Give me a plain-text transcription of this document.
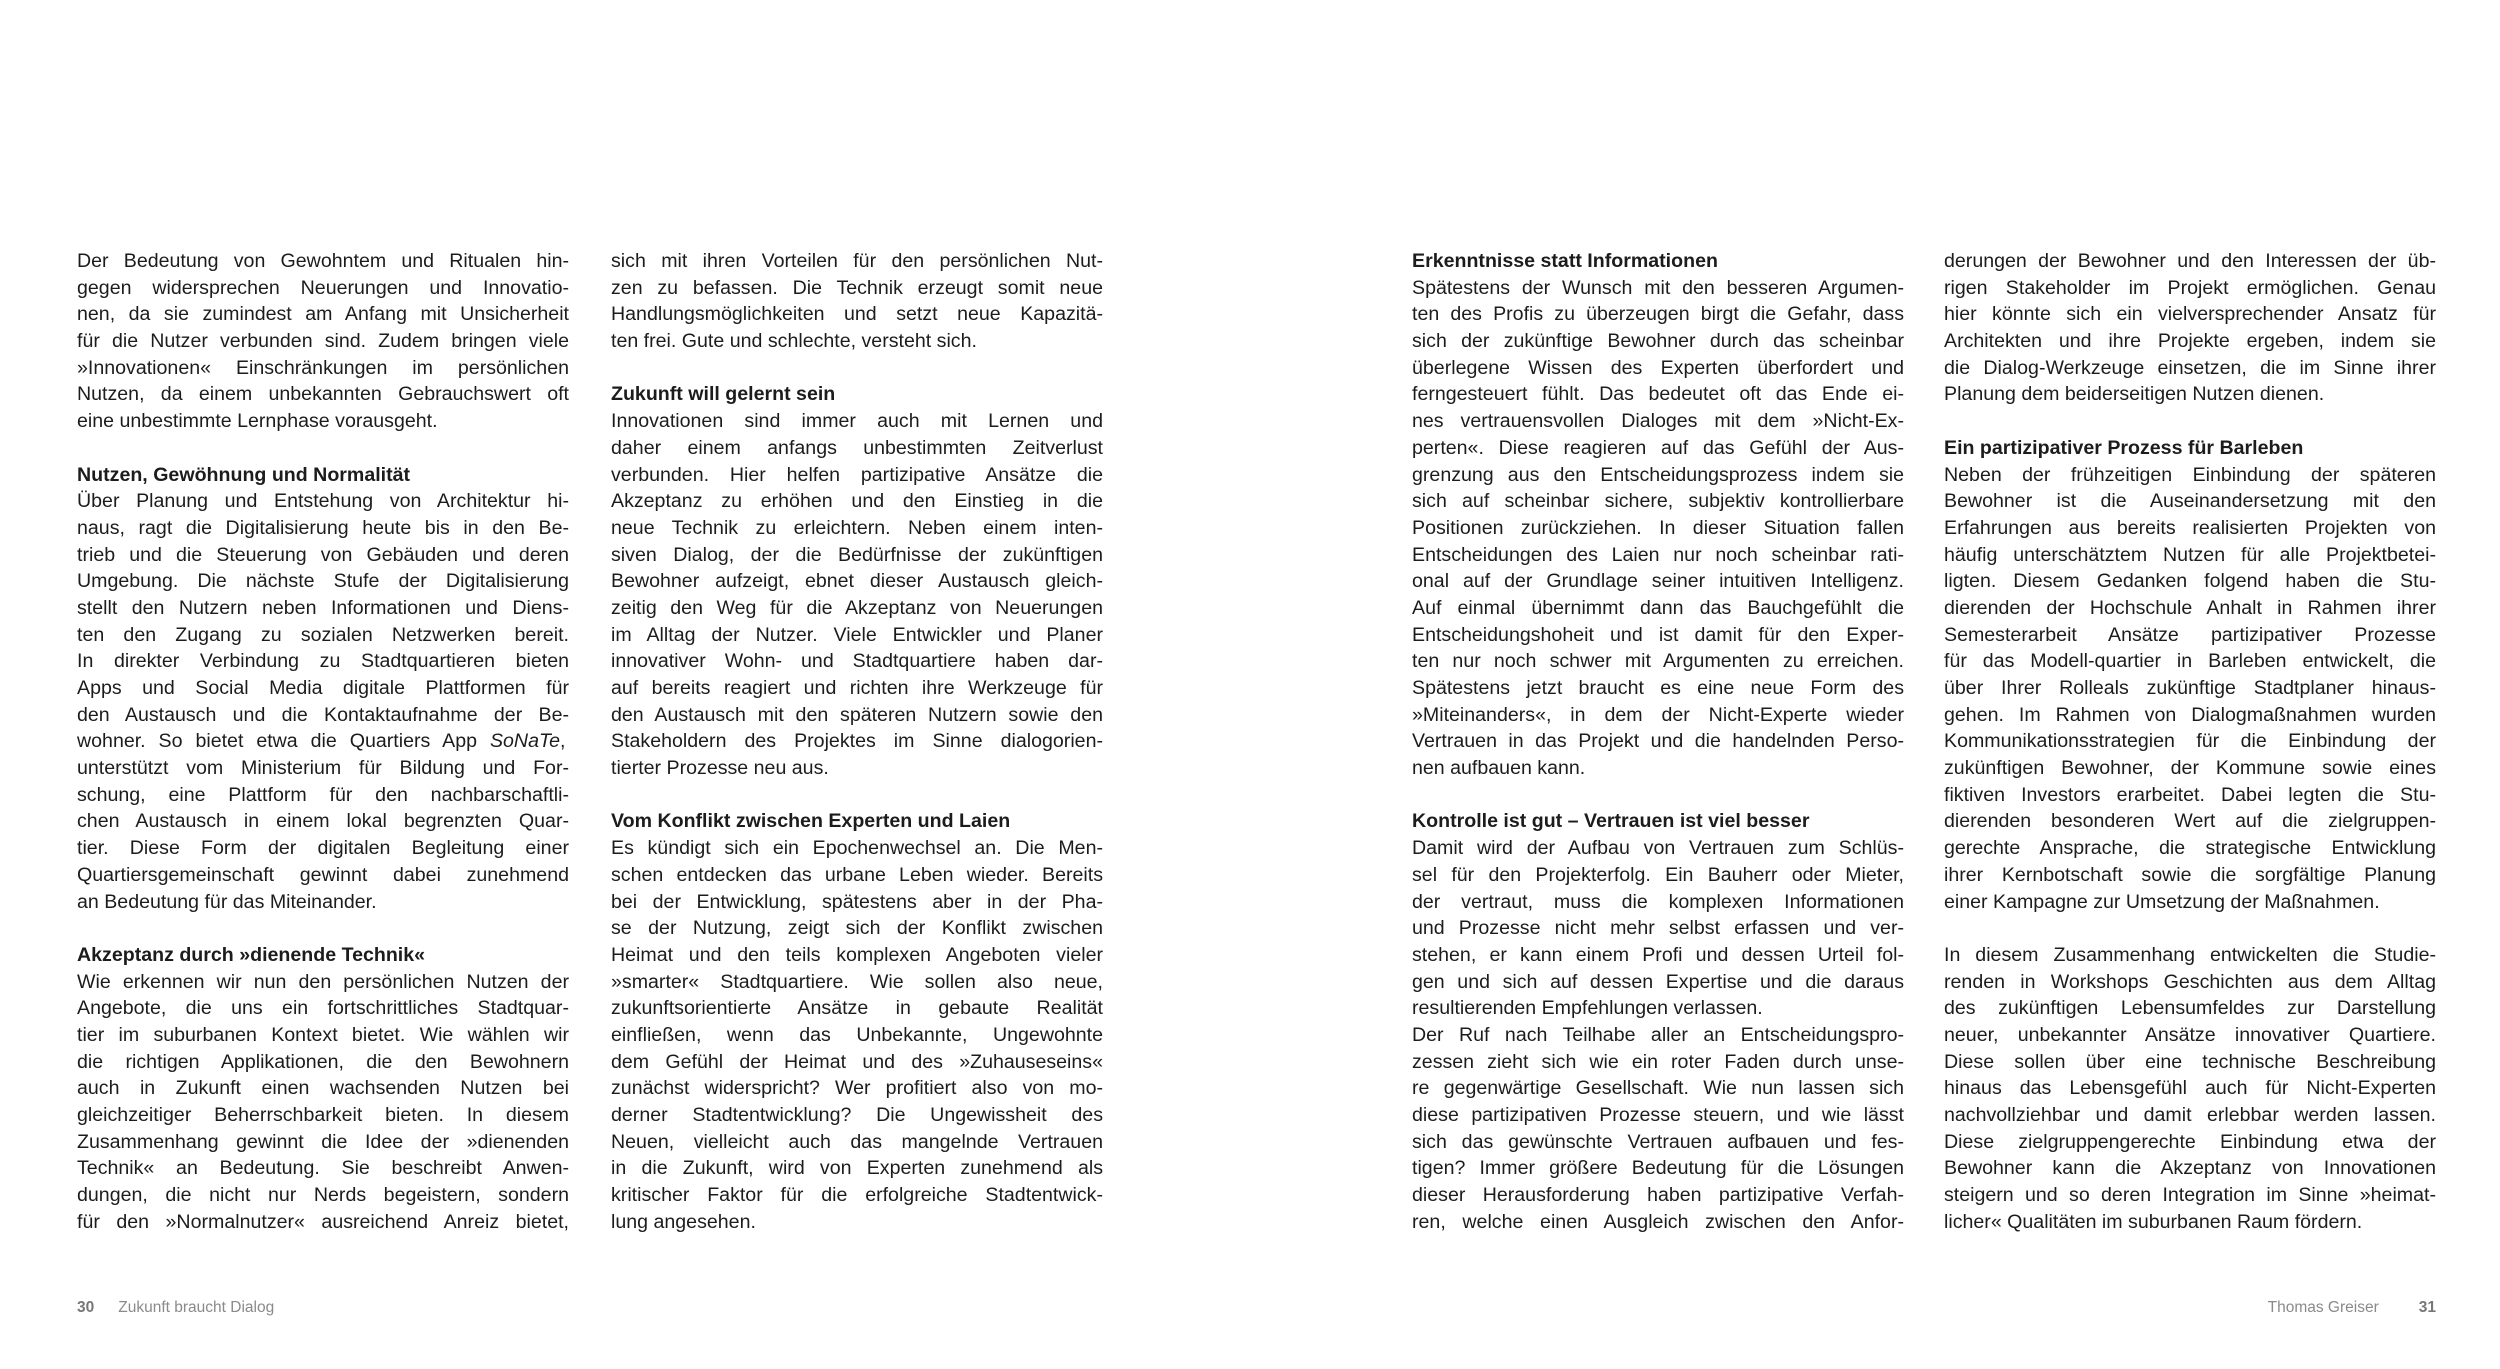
Der Bedeutung von Gewohntem und Ritualen hin-
gegen widersprechen Neuerungen und Innovatio-
nen, da sie zumindest am Anfang mit Unsicherheit
für die Nutzer verbunden sind. Zudem bringen viele
»Innovationen« Einschränkungen im persönlichen
Nutzen, da einem unbekannten Gebrauchswert oft
eine unbestimmte Lernphase vorausgeht.
Nutzen, Gewöhnung und Normalität
Über Planung und Entstehung von Architektur hi-
naus, ragt die Digitalisierung heute bis in den Be-
trieb und die Steuerung von Gebäuden und deren
Umgebung. Die nächste Stufe der Digitalisierung
stellt den Nutzern neben Informationen und Diens-
ten den Zugang zu sozialen Netzwerken bereit.
In direkter Verbindung zu Stadtquartieren bieten
Apps und Social Media digitale Plattformen für
den Austausch und die Kontaktaufnahme der Be-
wohner. So bietet etwa die Quartiers App SoNaTe,
unterstützt vom Ministerium für Bildung und For-
schung, eine Plattform für den nachbarschaftli-
chen Austausch in einem lokal begrenzten Quar-
tier. Diese Form der digitalen Begleitung einer
Quartiersgemeinschaft gewinnt dabei zunehmend
an Bedeutung für das Miteinander.
Akzeptanz durch »dienende Technik«
Wie erkennen wir nun den persönlichen Nutzen der
Angebote, die uns ein fortschrittliches Stadtquar-
tier im suburbanen Kontext bietet. Wie wählen wir
die richtigen Applikationen, die den Bewohnern
auch in Zukunft einen wachsenden Nutzen bei
gleichzeitiger Beherrschbarkeit bieten. In diesem
Zusammenhang gewinnt die Idee der »dienenden
Technik« an Bedeutung. Sie beschreibt Anwen-
dungen, die nicht nur Nerds begeistern, sondern
für den »Normalnutzer« ausreichend Anreiz bietet,
sich mit ihren Vorteilen für den persönlichen Nut-
zen zu befassen. Die Technik erzeugt somit neue
Handlungsmöglichkeiten und setzt neue Kapazitä-
ten frei. Gute und schlechte, versteht sich.
Zukunft will gelernt sein
Innovationen sind immer auch mit Lernen und
daher einem anfangs unbestimmten Zeitverlust
verbunden. Hier helfen partizipative Ansätze die
Akzeptanz zu erhöhen und den Einstieg in die
neue Technik zu erleichtern. Neben einem inten-
siven Dialog, der die Bedürfnisse der zukünftigen
Bewohner aufzeigt, ebnet dieser Austausch gleich-
zeitig den Weg für die Akzeptanz von Neuerungen
im Alltag der Nutzer. Viele Entwickler und Planer
innovativer Wohn- und Stadtquartiere haben dar-
auf bereits reagiert und richten ihre Werkzeuge für
den Austausch mit den späteren Nutzern sowie den
Stakeholdern des Projektes im Sinne dialogorien-
tierter Prozesse neu aus.
Vom Konflikt zwischen Experten und Laien
Es kündigt sich ein Epochenwechsel an. Die Men-
schen entdecken das urbane Leben wieder. Bereits
bei der Entwicklung, spätestens aber in der Pha-
se der Nutzung, zeigt sich der Konflikt zwischen
Heimat und den teils komplexen Angeboten vieler
»smarter« Stadtquartiere. Wie sollen also neue,
zukunftsorientierte Ansätze in gebaute Realität
einfließen, wenn das Unbekannte, Ungewohnte
dem Gefühl der Heimat und des »Zuhauseseins«
zunächst widerspricht? Wer profitiert also von mo-
derner Stadtentwicklung? Die Ungewissheit des
Neuen, vielleicht auch das mangelnde Vertrauen
in die Zukunft, wird von Experten zunehmend als
kritischer Faktor für die erfolgreiche Stadtentwick-
lung angesehen.
Erkenntnisse statt Informationen
Spätestens der Wunsch mit den besseren Argumen-
ten des Profis zu überzeugen birgt die Gefahr, dass
sich der zukünftige Bewohner durch das scheinbar
überlegene Wissen des Experten überfordert und
ferngesteuert fühlt. Das bedeutet oft das Ende ei-
nes vertrauensvollen Dialoges mit dem »Nicht-Ex-
perten«. Diese reagieren auf das Gefühl der Aus-
grenzung aus den Entscheidungsprozess indem sie
sich auf scheinbar sichere, subjektiv kontrollierbare
Positionen zurückziehen. In dieser Situation fallen
Entscheidungen des Laien nur noch scheinbar rati-
onal auf der Grundlage seiner intuitiven Intelligenz.
Auf einmal übernimmt dann das Bauchgefühlt die
Entscheidungshoheit und ist damit für den Exper-
ten nur noch schwer mit Argumenten zu erreichen.
Spätestens jetzt braucht es eine neue Form des
»Miteinanders«, in dem der Nicht-Experte wieder
Vertrauen in das Projekt und die handelnden Perso-
nen aufbauen kann.
Kontrolle ist gut – Vertrauen ist viel besser
Damit wird der Aufbau von Vertrauen zum Schlüs-
sel für den Projekterfolg. Ein Bauherr oder Mieter,
der vertraut, muss die komplexen Informationen
und Prozesse nicht mehr selbst erfassen und ver-
stehen, er kann einem Profi und dessen Urteil fol-
gen und sich auf dessen Expertise und die daraus
resultierenden Empfehlungen verlassen.
Der Ruf nach Teilhabe aller an Entscheidungspro-
zessen zieht sich wie ein roter Faden durch unse-
re gegenwärtige Gesellschaft. Wie nun lassen sich
diese partizipativen Prozesse steuern, und wie lässt
sich das gewünschte Vertrauen aufbauen und fes-
tigen? Immer größere Bedeutung für die Lösungen
dieser Herausforderung haben partizipative Verfah-
ren, welche einen Ausgleich zwischen den Anfor-
derungen der Bewohner und den Interessen der üb-
rigen Stakeholder im Projekt ermöglichen. Genau
hier könnte sich ein vielversprechender Ansatz für
Architekten und ihre Projekte ergeben, indem sie
die Dialog-Werkzeuge einsetzen, die im Sinne ihrer
Planung dem beiderseitigen Nutzen dienen.
Ein partizipativer Prozess für Barleben
Neben der frühzeitigen Einbindung der späteren
Bewohner ist die Auseinandersetzung mit den
Erfahrungen aus bereits realisierten Projekten von
häufig unterschätztem Nutzen für alle Projektbetei-
ligten. Diesem Gedanken folgend haben die Stu-
dierenden der Hochschule Anhalt in Rahmen ihrer
Semesterarbeit Ansätze partizipativer Prozesse
für das Modell-quartier in Barleben entwickelt, die
über Ihrer Rolleals zukünftige Stadtplaner hinaus-
gehen. Im Rahmen von Dialogmaßnahmen wurden
Kommunikationsstrategien für die Einbindung der
zukünftigen Bewohner, der Kommune sowie eines
fiktiven Investors erarbeitet. Dabei legten die Stu-
dierenden besonderen Wert auf die zielgruppen-
gerechte Ansprache, die strategische Entwicklung
ihrer Kernbotschaft sowie die sorgfältige Planung
einer Kampagne zur Umsetzung der Maßnahmen.
In diesem Zusammenhang entwickelten die Studie-
renden in Workshops Geschichten aus dem Alltag
des zukünftigen Lebensumfeldes zur Darstellung
neuer, unbekannter Ansätze innovativer Quartiere.
Diese sollen über eine technische Beschreibung
hinaus das Lebensgefühl auch für Nicht-Experten
nachvollziehbar und damit erlebbar werden lassen.
Diese zielgruppengerechte Einbindung etwa der
Bewohner kann die Akzeptanz von Innovationen
steigern und so deren Integration im Sinne »heimat-
licher« Qualitäten im suburbanen Raum fördern.
30 Zukunft braucht Dialog	Thomas Greiser	31
